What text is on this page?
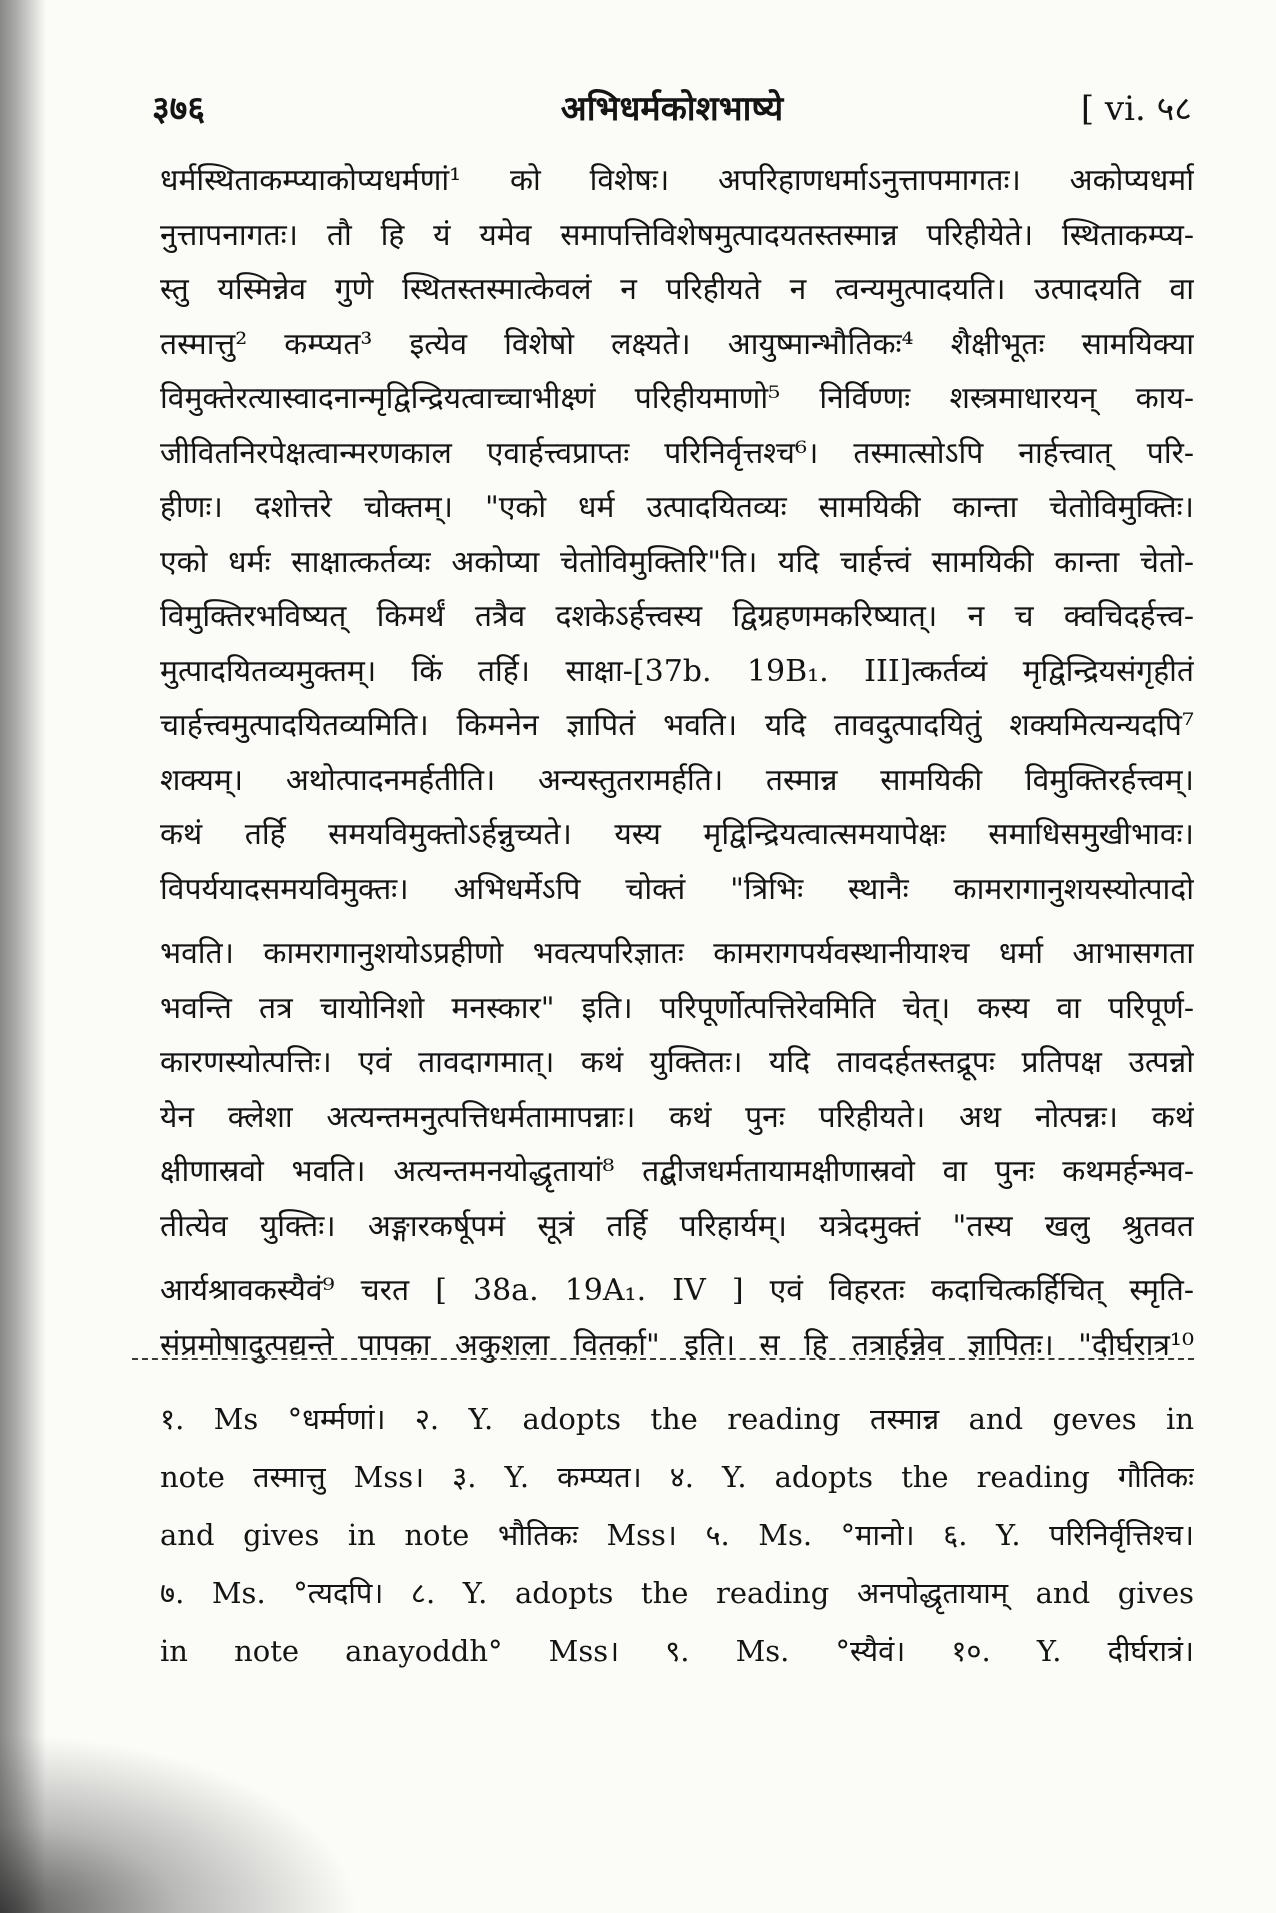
३७६	अभिधर्मकोशभाष्ये	[ vi. ५८
धर्मस्थिताकम्प्याकोप्यधर्मणां¹ को विशेषः। अपरिहाणधर्माऽनुत्तापमागतः। अकोप्यधर्मा
नुत्तापनागतः। तौ हि यं यमेव समापत्तिविशेषमुत्पादयतस्तस्मान्न परिहीयेते। स्थिताकम्प्य-
स्तु यस्मिन्नेव गुणे स्थितस्तस्मात्केवलं न परिहीयते न त्वन्यमुत्पादयति। उत्पादयति वा
तस्मात्तु² कम्प्यत³ इत्येव विशेषो लक्ष्यते। आयुष्मान्भौतिकः⁴ शैक्षीभूतः सामयिक्या
विमुक्तेरत्यास्वादनान्मृद्विन्द्रियत्वाच्चाभीक्ष्णं परिहीयमाणो⁵ निर्विण्णः शस्त्रमाधारयन् काय-
जीवितनिरपेक्षत्वान्मरणकाल एवार्हत्त्वप्राप्तः परिनिर्वृत्तश्च⁶। तस्मात्सोऽपि नार्हत्त्वात् परि-
हीणः। दशोत्तरे चोक्तम्। "एको धर्म उत्पादयितव्यः सामयिकी कान्ता चेतोविमुक्तिः।
एको धर्मः साक्षात्कर्तव्यः अकोप्या चेतोविमुक्तिरि"ति। यदि चार्हत्त्वं सामयिकी कान्ता चेतो-
विमुक्तिरभविष्यत् किमर्थं तत्रैव दशकेऽर्हत्त्वस्य द्विग्रहणमकरिष्यात्। न च क्वचिदर्हत्त्व-
मुत्पादयितव्यमुक्तम्। किं तर्हि। साक्षा-[37b. 19B₁. III]त्कर्तव्यं मृद्विन्द्रियसंगृहीतं
चार्हत्त्वमुत्पादयितव्यमिति। किमनेन ज्ञापितं भवति। यदि तावदुत्पादयितुं शक्यमित्यन्यदपि⁷
शक्यम्। अथोत्पादनमर्हतीति। अन्यस्तुतरामर्हति। तस्मान्न सामयिकी विमुक्तिरर्हत्त्वम्।
कथं तर्हि समयविमुक्तोऽर्हन्नुच्यते। यस्य मृद्विन्द्रियत्वात्समयापेक्षः समाधिसमुखीभावः।
विपर्ययादसमयविमुक्तः। अभिधर्मेऽपि चोक्तं "त्रिभिः स्थानैः कामरागानुशयस्योत्पादो
भवति। कामरागानुशयोऽप्रहीणो भवत्यपरिज्ञातः कामरागपर्यवस्थानीयाश्च धर्मा आभासगता
भवन्ति तत्र चायोनिशो मनस्कार" इति। परिपूर्णोत्पत्तिरेवमिति चेत्। कस्य वा परिपूर्ण-
कारणस्योत्पत्तिः। एवं तावदागमात्। कथं युक्तितः। यदि तावदर्हतस्तद्रूपः प्रतिपक्ष उत्पन्नो
येन क्लेशा अत्यन्तमनुत्पत्तिधर्मतामापन्नाः। कथं पुनः परिहीयते। अथ नोत्पन्नः। कथं
क्षीणास्रवो भवति। अत्यन्तमनयोद्धृतायां⁸ तद्बीजधर्मतायामक्षीणास्रवो वा पुनः कथमर्हन्भव-
तीत्येव युक्तिः। अङ्गारकर्षूपमं सूत्रं तर्हि परिहार्यम्। यत्रेदमुक्तं "तस्य खलु श्रुतवत
आर्यश्रावकस्यैवं⁹ चरत [ 38a. 19A₁. IV ] एवं विहरतः कदाचित्कर्हिचित् स्मृति-
संप्रमोषादुत्पद्यन्ते पापका अकुशला वितर्का" इति। स हि तत्रार्हन्नेव ज्ञापितः। "दीर्घरात्र¹⁰
१. Ms °धर्म्मणां। २. Y. adopts the reading तस्मान्न and geves in
note तस्मात्तु Mss। ३. Y. कम्प्यत। ४. Y. adopts the reading गौतिकः
and gives in note भौतिकः Mss। ५. Ms. °मानो। ६. Y. परिनिर्वृत्तिश्च।
७. Ms. °त्यदपि। ८. Y. adopts the reading अनपोद्धृतायाम् and gives
in note anayoddh° Mss। ९. Ms. °स्यैवं। १०. Y. दीर्घरात्रं।
